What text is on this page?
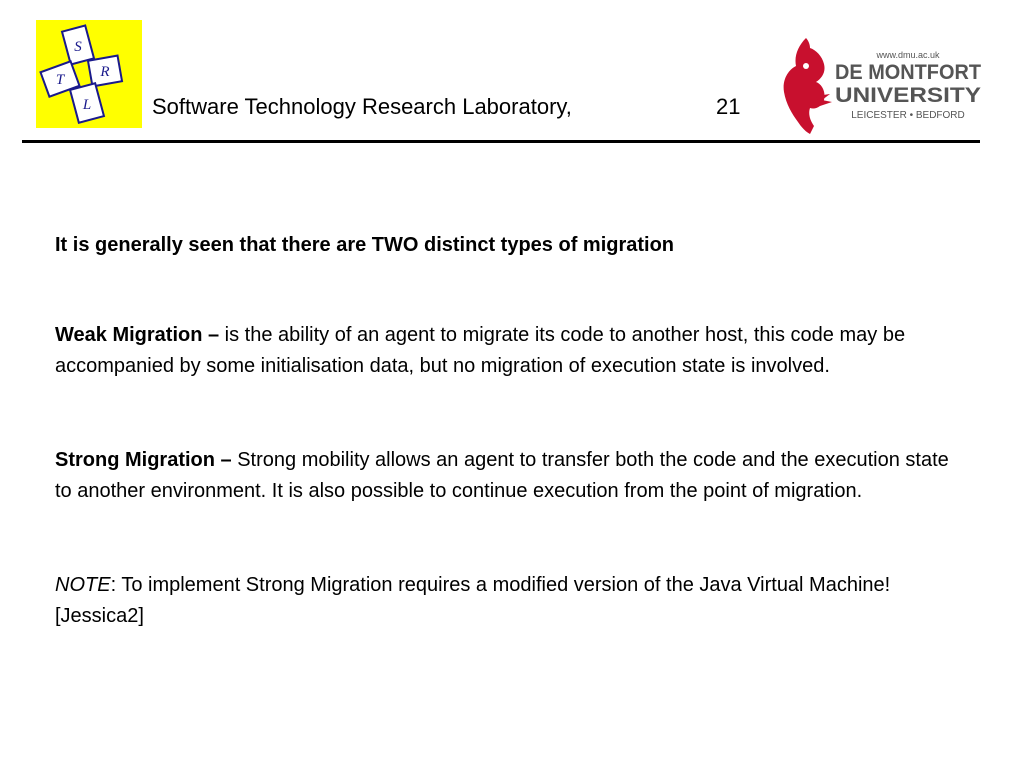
S
R
T
L	Software Technology Research Laboratory,	21
www.dmu.ac.uk
DE MONTFORT
UNIVERSITY
LEICESTER • BEDFORD

It is generally seen that there are TWO distinct types of migration

Weak Migration – is the ability of an agent to migrate its code to another host, this code may be accompanied by some initialisation data, but no migration of execution state is involved.

Strong Migration – Strong mobility allows an agent to transfer both the code and the execution state to another environment. It is also possible to continue execution from the point of migration.

NOTE: To implement Strong Migration requires a modified version of the Java Virtual Machine! [Jessica2]
